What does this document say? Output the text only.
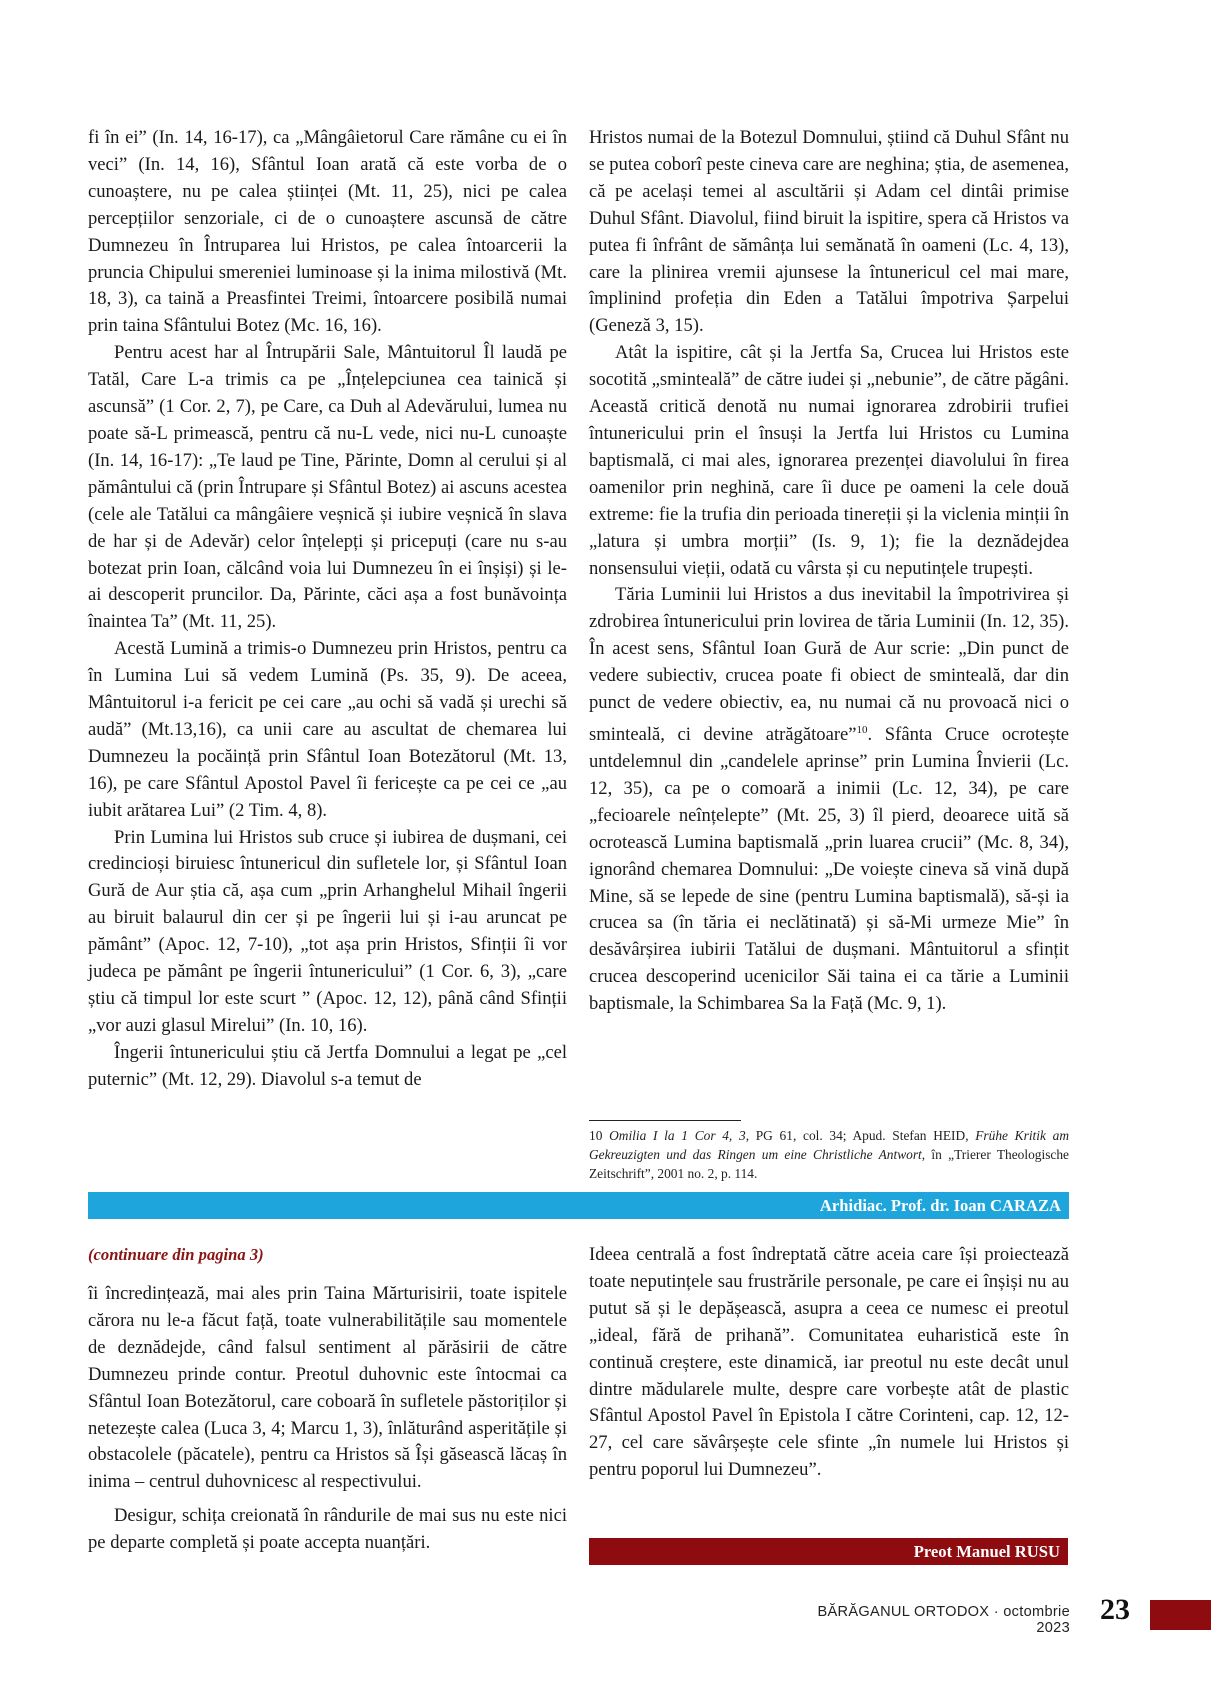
fi în ei” (In. 14, 16-17), ca „Mângâietorul Care rămâne cu ei în veci” (In. 14, 16), Sfântul Ioan arată că este vorba de o cunoaștere, nu pe calea științei (Mt. 11, 25), nici pe calea percepțiilor senzoriale, ci de o cunoaștere ascunsă de către Dumnezeu în Întruparea lui Hristos, pe calea întoarcerii la pruncia Chipului smereniei luminoase și la inima milostivă (Mt. 18, 3), ca taină a Preasfintei Treimi, întoarcere posibilă numai prin taina Sfântului Botez (Mc. 16, 16).

Pentru acest har al Întrupării Sale, Mântuitorul Îl laudă pe Tatăl, Care L-a trimis ca pe „Înțelepciunea cea tainică și ascunsă” (1 Cor. 2, 7), pe Care, ca Duh al Adevărului, lumea nu poate să-L primească, pentru că nu-L vede, nici nu-L cunoaște (In. 14, 16-17): „Te laud pe Tine, Părinte, Domn al cerului și al pământului că (prin Întrupare și Sfântul Botez) ai ascuns acestea (cele ale Tatălui ca mângâiere veșnică și iubire veșnică în slava de har și de Adevăr) celor înțelepți și pricepuți (care nu s-au botezat prin Ioan, călcând voia lui Dumnezeu în ei înșiși) și le-ai descoperit pruncilor. Da, Părinte, căci așa a fost bunăvoința înaintea Ta” (Mt. 11, 25).

Acestă Lumină a trimis-o Dumnezeu prin Hristos, pentru ca în Lumina Lui să vedem Lumină (Ps. 35, 9). De aceea, Mântuitorul i-a fericit pe cei care „au ochi să vadă și urechi să audă” (Mt.13,16), ca unii care au ascultat de chemarea lui Dumnezeu la pocăință prin Sfântul Ioan Botezătorul (Mt. 13, 16), pe care Sfântul Apostol Pavel îi fericește ca pe cei ce „au iubit arătarea Lui” (2 Tim. 4, 8).

Prin Lumina lui Hristos sub cruce și iubirea de dușmani, cei credincioși biruiesc întunericul din sufletele lor, și Sfântul Ioan Gură de Aur știa că, așa cum „prin Arhanghelul Mihail îngerii au biruit balaurul din cer și pe îngerii lui și i-au aruncat pe pământ” (Apoc. 12, 7-10), „tot așa prin Hristos, Sfinții îi vor judeca pe pământ pe îngerii întunericului” (1 Cor. 6, 3), „care știu că timpul lor este scurt ” (Apoc. 12, 12), până când Sfinții „vor auzi glasul Mirelui” (In. 10, 16).

Îngerii întunericului știu că Jertfa Domnului a legat pe „cel puternic” (Mt. 12, 29). Diavolul s-a temut de

Hristos numai de la Botezul Domnului, știind că Duhul Sfânt nu se putea coborî peste cineva care are neghina; știa, de asemenea, că pe același temei al ascultării și Adam cel dintâi primise Duhul Sfânt. Diavolul, fiind biruit la ispitire, spera că Hristos va putea fi înfrânt de sămânța lui semănată în oameni (Lc. 4, 13), care la plinirea vremii ajunsese la întunericul cel mai mare, împlinind profeția din Eden a Tatălui împotriva Șarpelui (Geneză 3, 15).

Atât la ispitire, cât și la Jertfa Sa, Crucea lui Hristos este socotită „sminteală” de către iudei și „nebunie”, de către păgâni. Această critică denotă nu numai ignorarea zdrobirii trufiei întunericului prin el însuși la Jertfa lui Hristos cu Lumina baptismală, ci mai ales, ignorarea prezenței diavolului în firea oamenilor prin neghină, care îi duce pe oameni la cele două extreme: fie la trufia din perioada tinereții și la viclenia minții în „latura și umbra morții” (Is. 9, 1); fie la deznădejdea nonsensului vieții, odată cu vârsta și cu neputințele trupești.

Tăria Luminii lui Hristos a dus inevitabil la împotrivirea și zdrobirea întunericului prin lovirea de tăria Luminii (In. 12, 35). În acest sens, Sfântul Ioan Gură de Aur scrie: „Din punct de vedere subiectiv, crucea poate fi obiect de sminteală, dar din punct de vedere obiectiv, ea, nu numai că nu provoacă nici o sminteală, ci devine atrăgătoare”$^{10}$. Sfânta Cruce ocrotește untdelemnul din „candelele aprinse” prin Lumina Învierii (Lc. 12, 35), ca pe o comoară a inimii (Lc. 12, 34), pe care „fecioarele neînțelepte” (Mt. 25, 3) îl pierd, deoarece uită să ocrotească Lumina baptismală „prin luarea crucii” (Mc. 8, 34), ignorând chemarea Domnului: „De voiește cineva să vină după Mine, să se lepede de sine (pentru Lumina baptismală), să-și ia crucea sa (în tăria ei neclătinată) și să-Mi urmeze Mie” în desăvârșirea iubirii Tatălui de dușmani. Mântuitorul a sfințit crucea descoperind ucenicilor Săi taina ei ca tărie a Luminii baptismale, la Schimbarea Sa la Față (Mc. 9, 1).

10 Omilia I la 1 Cor 4, 3, PG 61, col. 34; Apud. Stefan HEID, Frühe Kritik am Gekreuzigten und das Ringen um eine Christliche Antwort, în „Trierer Theologische Zeitschrift”, 2001 no. 2, p. 114.
Arhidiac. Prof. dr. Ioan CARAZA
(continuare din pagina 3)

îi încredințează, mai ales prin Taina Mărturisirii, toate ispitele cărora nu le-a făcut față, toate vulnerabilitățile sau momentele de deznădejde, când falsul sentiment al părăsirii de către Dumnezeu prinde contur. Preotul duhovnic este întocmai ca Sfântul Ioan Botezătorul, care coboară în sufletele păstoriților și netezește calea (Luca 3, 4; Marcu 1, 3), înlăturând asperitățile și obstacolele (păcatele), pentru ca Hristos să Își găsească lăcaș în inima – centrul duhovnicesc al respectivului.

Desigur, schița creionată în rândurile de mai sus nu este nici pe departe completă și poate accepta nuanțări.

Ideea centrală a fost îndreptată către aceia care își proiectează toate neputințele sau frustrările personale, pe care ei înșiși nu au putut să și le depășească, asupra a ceea ce numesc ei preotul „ideal, fără de prihană”. Comunitatea euharistică este în continuă creștere, este dinamică, iar preotul nu este decât unul dintre mădularele multe, despre care vorbește atât de plastic Sfântul Apostol Pavel în Epistola I către Corinteni, cap. 12, 12-27, cel care săvârșește cele sfinte „în numele lui Hristos și pentru poporul lui Dumnezeu”.

Preot Manuel RUSU
BĂRĂGANUL ORTODOX · octombrie 2023
23
